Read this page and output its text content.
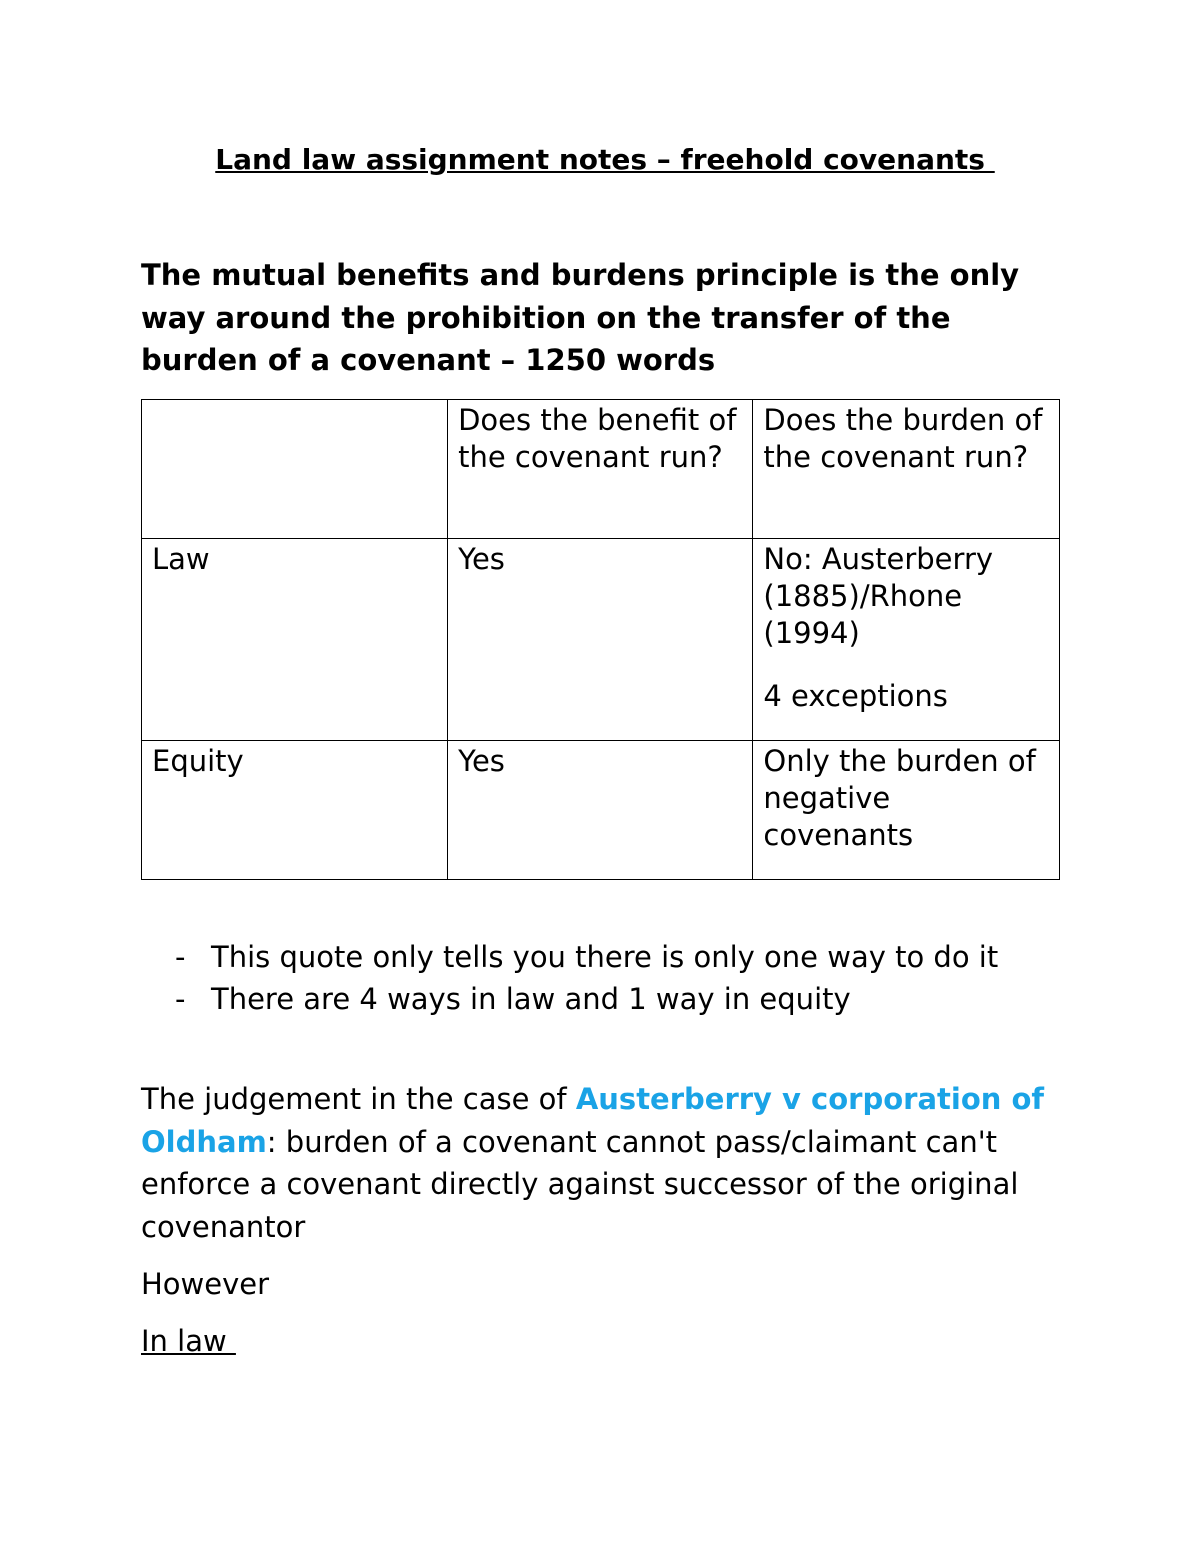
Land law assignment notes – freehold covenants
The mutual benefits and burdens principle is the only way around the prohibition on the transfer of the burden of a covenant – 1250 words
	Does the benefit of the covenant run?	Does the burden of the covenant run?
Law	Yes	No: Austerberry (1885)/Rhone (1994)
4 exceptions

Equity	Yes	Only the burden of negative covenants
- This quote only tells you there is only one way to do it
- There are 4 ways in law and 1 way in equity

The judgement in the case of Austerberry v corporation of Oldham: burden of a covenant cannot pass/claimant can't enforce a covenant directly against successor of the original covenantor

However

In law
